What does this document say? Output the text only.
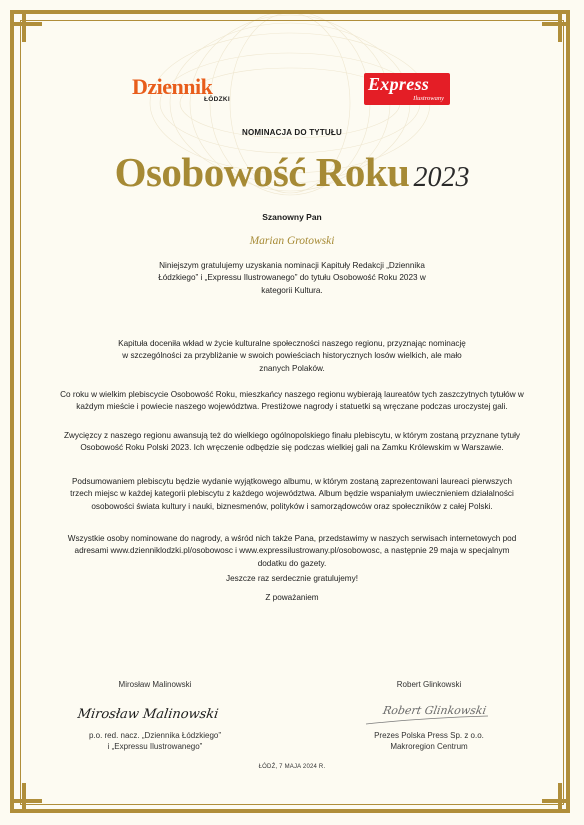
Dziennik
ŁÓDZKI
Express
Ilustrowany
NOMINACJA DO TYTUŁU
Osobowość Roku 2023
Szanowny Pan
Marian Grotowski
Niniejszym gratulujemy uzyskania nominacji Kapituły Redakcji „Dziennika Łódzkiego” i „Expressu Ilustrowanego” do tytułu Osobowość Roku 2023 w kategorii Kultura.
Kapituła doceniła wkład w życie kulturalne społeczności naszego regionu, przyznając nominację w szczególności za przybliżanie w swoich powieściach historycznych losów wielkich, ale mało znanych Polaków.
Co roku w wielkim plebiscycie Osobowość Roku, mieszkańcy naszego regionu wybierają laureatów tych zaszczytnych tytułów w każdym mieście i powiecie naszego województwa. Prestiżowe nagrody i statuetki są wręczane podczas uroczystej gali.
Zwycięzcy z naszego regionu awansują też do wielkiego ogólnopolskiego finału plebiscytu, w którym zostaną przyznane tytuły Osobowość Roku Polski 2023. Ich wręczenie odbędzie się podczas wielkiej gali na Zamku Królewskim w Warszawie.
Podsumowaniem plebiscytu będzie wydanie wyjątkowego albumu, w którym zostaną zaprezentowani laureaci pierwszych trzech miejsc w każdej kategorii plebiscytu z każdego województwa. Album będzie wspaniałym uwiecznieniem działalności osobowości świata kultury i nauki, biznesmenów, polityków i samorządowców oraz społeczników z całej Polski.
Wszystkie osoby nominowane do nagrody, a wśród nich także Pana, przedstawimy w naszych serwisach internetowych pod adresami www.dzienniklodzki.pl/osobowosc i www.expressilustrowany.pl/osobowosc, a następnie 29 maja w specjalnym dodatku do gazety.
Jeszcze raz serdecznie gratulujemy!
Z poważaniem
Mirosław Malinowski	Robert Glinkowski
Mirosław Malinowski	Robert Glinkowski
p.o. red. nacz. „Dziennika Łódzkiego”
i „Expressu Ilustrowanego”
Prezes Polska Press Sp. z o.o.
Makroregion Centrum
ŁÓDŹ, 7 MAJA 2024 R.
